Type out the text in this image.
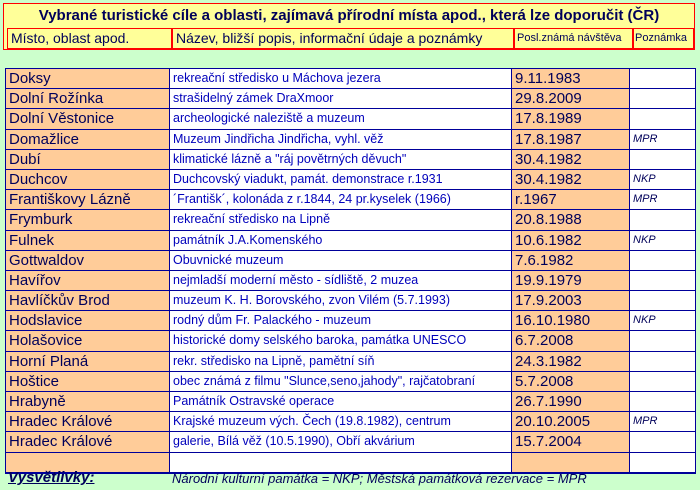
Vybrané turistické cíle a oblasti, zajímavá přírodní místa apod., která lze doporučit (ČR)
Místo, oblast apod.	Název, bližší popis, informační údaje a poznámky	Posl.známá návštěva	Poznámka
Doksy	rekreační středisko u Máchova jezera	9.11.1983
Dolní Rožínka	strašidelný zámek DraXmoor	29.8.2009
Dolní Věstonice	archeologické naleziště a muzeum	17.8.1989
Domažlice	Muzeum Jindřicha Jindřicha, vyhl. věž	17.8.1987	MPR
Dubí	klimatické lázně a "ráj povětrných děvuch"	30.4.1982
Duchcov	Duchcovský viadukt, památ. demonstrace r.1931	30.4.1982	NKP
Františkovy Lázně	´Františk´, kolonáda z r.1844, 24 pr.kyselek (1966)	r.1967	MPR
Frymburk	rekreační středisko na Lipně	20.8.1988
Fulnek	památník J.A.Komenského	10.6.1982	NKP
Gottwaldov	Obuvnické muzeum	7.6.1982
Havířov	nejmladší moderní město - sídliště, 2 muzea	19.9.1979
Havlíčkův Brod	muzeum K. H. Borovského, zvon Vilém (5.7.1993)	17.9.2003
Hodslavice	rodný dům Fr. Palackého - muzeum	16.10.1980	NKP
Holašovice	historické domy selského baroka, památka UNESCO	6.7.2008
Horní Planá	rekr. středisko na Lipně, pamětní síň	24.3.1982
Hoštice	obec známá z filmu "Slunce,seno,jahody", rajčatobraní	5.7.2008
Hrabyně	Památník Ostravské operace	26.7.1990
Hradec Králové	Krajské muzeum vých. Čech (19.8.1982), centrum	20.10.2005	MPR
Hradec Králové	galerie, Bílá věž (10.5.1990), Obří akvárium	15.7.2004
Vysvětlivky:	Národní kulturní památka = NKP; Městská památková rezervace = MPR
